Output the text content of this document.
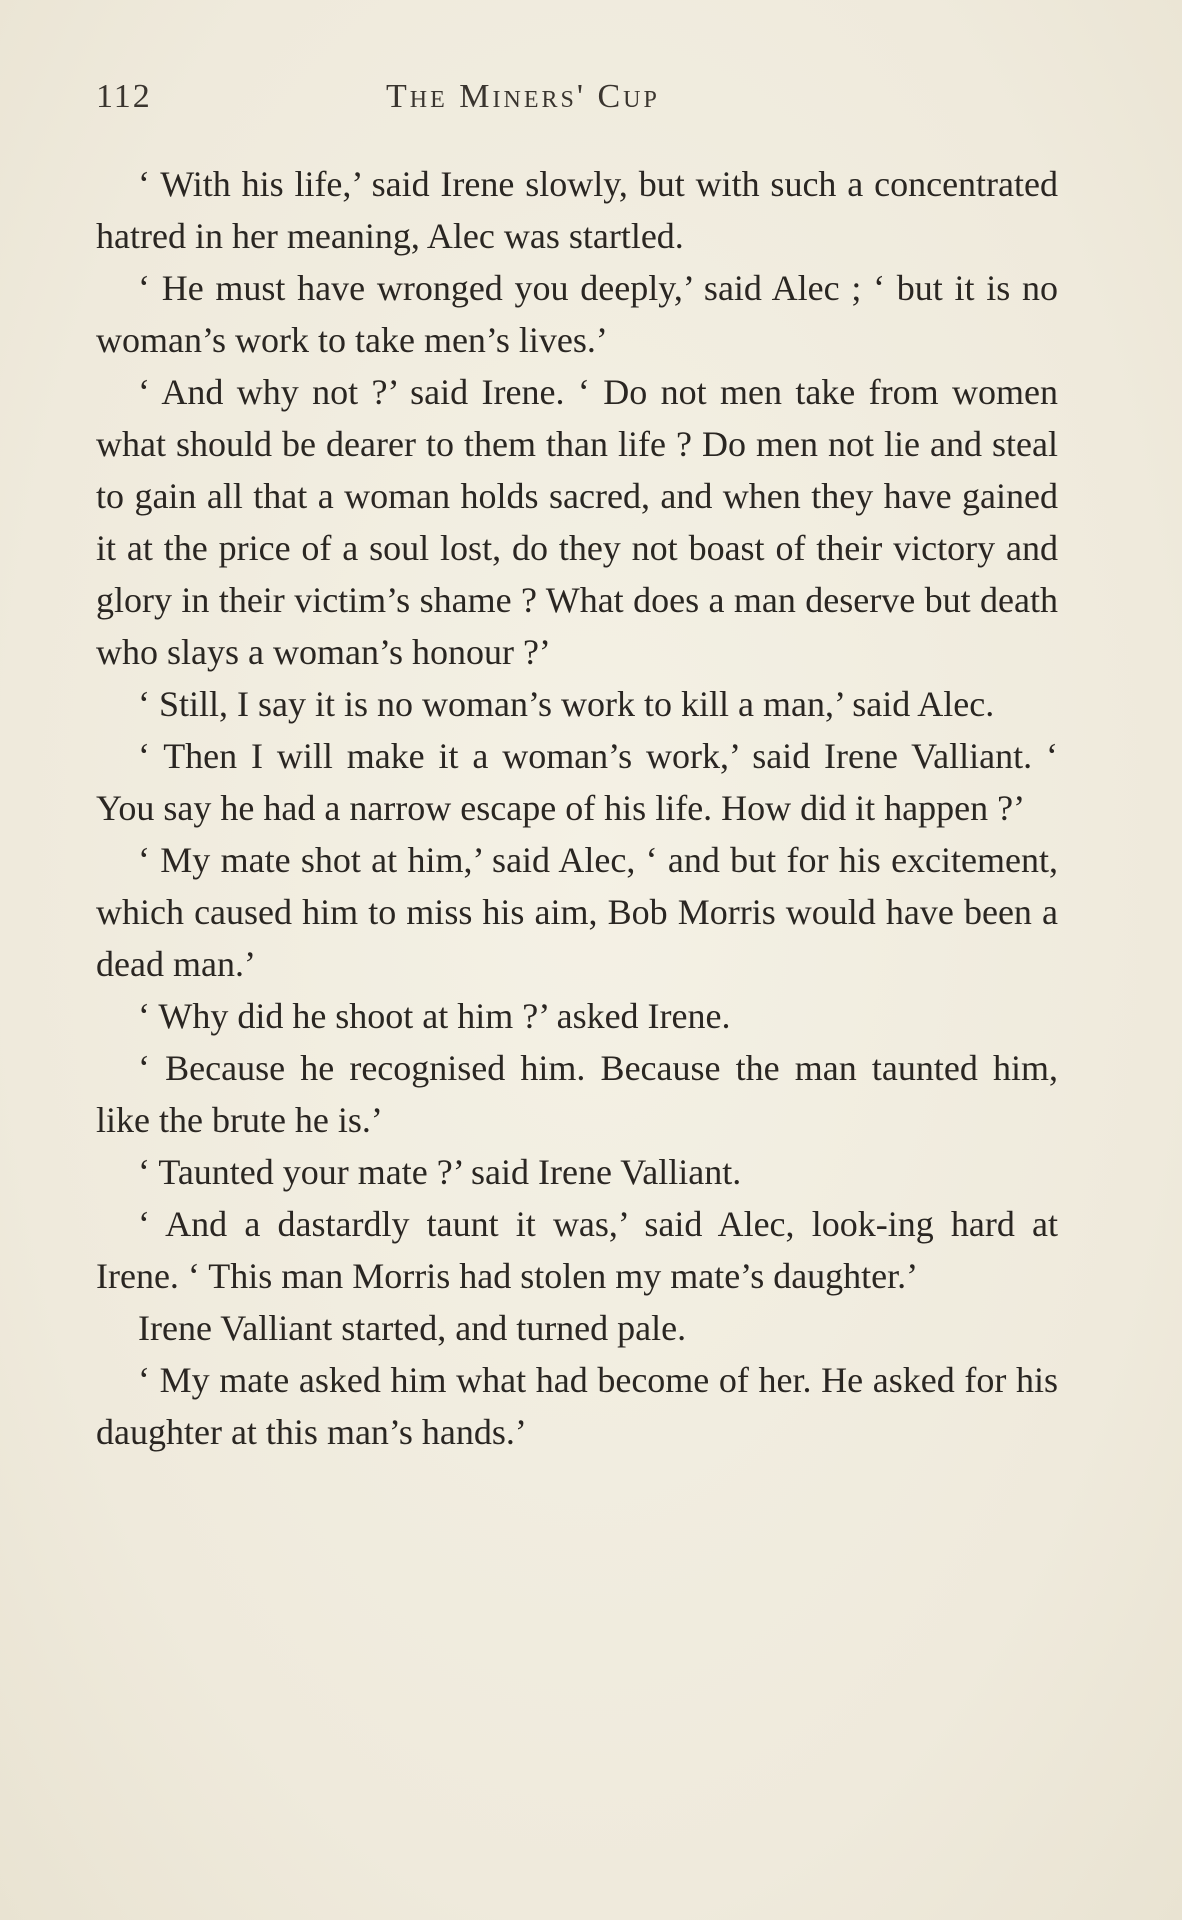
112	The Miners' Cup

‘ With his life,’ said Irene slowly, but with such a concentrated hatred in her meaning, Alec was startled.

‘ He must have wronged you deeply,’ said Alec ; ‘ but it is no woman’s work to take men’s lives.’

‘ And why not ?’ said Irene. ‘ Do not men take from women what should be dearer to them than life ? Do men not lie and steal to gain all that a woman holds sacred, and when they have gained it at the price of a soul lost, do they not boast of their victory and glory in their victim’s shame ? What does a man deserve but death who slays a woman’s honour ?’

‘ Still, I say it is no woman’s work to kill a man,’ said Alec.

‘ Then I will make it a woman’s work,’ said Irene Valliant. ‘ You say he had a narrow escape of his life. How did it happen ?’

‘ My mate shot at him,’ said Alec, ‘ and but for his excitement, which caused him to miss his aim, Bob Morris would have been a dead man.’

‘ Why did he shoot at him ?’ asked Irene.

‘ Because he recognised him. Because the man taunted him, like the brute he is.’

‘ Taunted your mate ?’ said Irene Valliant.

‘ And a dastardly taunt it was,’ said Alec, look-ing hard at Irene. ‘ This man Morris had stolen my mate’s daughter.’

Irene Valliant started, and turned pale.

‘ My mate asked him what had become of her. He asked for his daughter at this man’s hands.’
